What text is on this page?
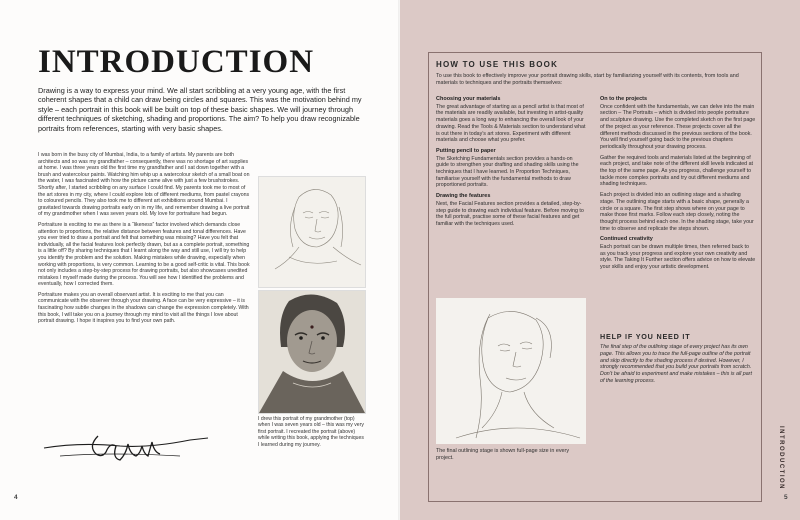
INTRODUCTION

Drawing is a way to express your mind. We all start scribbling at a very young age, with the first coherent shapes that a child can draw being circles and squares. This was the motivation behind my style – each portrait in this book will be built on top of these basic shapes. We will journey through different techniques of sketching, shading and proportions. The aim? To help you draw recognizable portraits from references, starting with very basic shapes.

I was born in the busy city of Mumbai, India, to a family of artists. My parents are both architects and so was my grandfather – consequently, there was no shortage of art supplies at home. I was three years old the first time my grandfather and I sat down together with a brush and watercolour paints. Watching him whip up a watercolour sketch of a small boat on the water, I was fascinated with how the picture came alive with just a few brushstrokes. Shortly after, I started scribbling on any surface I could find. My parents took me to most of the art stores in my city, where I could explore lots of different mediums, from pastel crayons to coloured pencils. They also took me to different art exhibitions around Mumbai. I gravitated towards drawing portraits early on in my life, and remember drawing a live portrait of my grandmother when I was seven years old. My love for portraiture had begun.

Portraiture is exciting to me as there is a “likeness” factor involved which demands close attention to proportions, the relative distance between features and tonal differences. Have you ever tried to draw a portrait and felt that something was missing? Have you felt that individually, all the facial features look perfectly drawn, but as a complete portrait, something is a little off? By sharing techniques that I learnt along the way and still use, I will try to help you identify the problem and the solution. Making mistakes while drawing, especially when working with proportions, is very common. Learning to be a good self-critic is vital. This book not only includes a step-by-step process for drawing portraits, but also showcases unedited mistakes I myself made during the process. You will see how I identified the problems and eventually, how I corrected them.

Portraiture makes you an overall observant artist. It is exciting to me that you can communicate with the observer through your drawing. A face can be very expressive – it is fascinating how subtle changes in the shadows can change the expression completely. With this book, I will take you on a journey through my mind to visit all the things I love about portrait drawing. I hope it inspires you to find your own path.

I drew this portrait of my grandmother (top) when I was seven years old – this was my very first portrait. I recreated the portrait (above) while writing this book, applying the techniques I learned during my journey.

4
HOW TO USE THIS BOOK

To use this book to effectively improve your portrait drawing skills, start by familiarizing yourself with its contents, from tools and materials to techniques and the portraits themselves:

Choosing your materials

The great advantage of starting as a pencil artist is that most of the materials are readily available, but investing in artist-quality materials goes a long way to enhancing the overall look of your drawing. Read the Tools & Materials section to understand what is out there in today’s art stores. Experiment with different materials and choose what you prefer.

Putting pencil to paper

The Sketching Fundamentals section provides a hands-on guide to strengthen your drafting and shading skills using the techniques that I have learned. In Proportion Techniques, familiarise yourself with the fundamental methods to draw proportioned portraits.

Drawing the features

Next, the Facial Features section provides a detailed, step-by-step guide to drawing each individual feature. Before moving to the full portrait, practise some of these facial features and get familiar with the techniques used.

On to the projects

Once confident with the fundamentals, we can delve into the main section – The Portraits – which is divided into people portraiture and sculpture drawing. Use the completed sketch on the first page of the project as your reference. These projects cover all the different methods discussed in the previous sections of the book. You will find yourself going back to the previous chapters periodically throughout your drawing process.

Gather the required tools and materials listed at the beginning of each project, and take note of the different skill levels indicated at the top of the same page. As you progress, challenge yourself to tackle more complex portraits and try out different mediums and shading techniques.

Each project is divided into an outlining stage and a shading stage. The outlining stage starts with a basic shape, generally a circle or a square. The first step shows where on your page to make those first marks. Follow each step closely, noting the thought process behind each one. In the shading stage, take your time to observe and replicate the steps shown.

Continued creativity

Each portrait can be drawn multiple times, then referred back to as you track your progress and explore your own creativity and style. The Taking It Further section offers advice on how to elevate your skills and enjoy your artistic development.

HELP IF YOU NEED IT

The final step of the outlining stage of every project has its own page. This allows you to trace the full-page outline of the portrait and skip directly to the shading process if desired. However, I strongly recommended that you build your portraits from scratch. Don’t be afraid to experiment and make mistakes – this is all part of the learning process.

The final outlining stage is shown full-page size in every project.	INTRODUCTION
5
